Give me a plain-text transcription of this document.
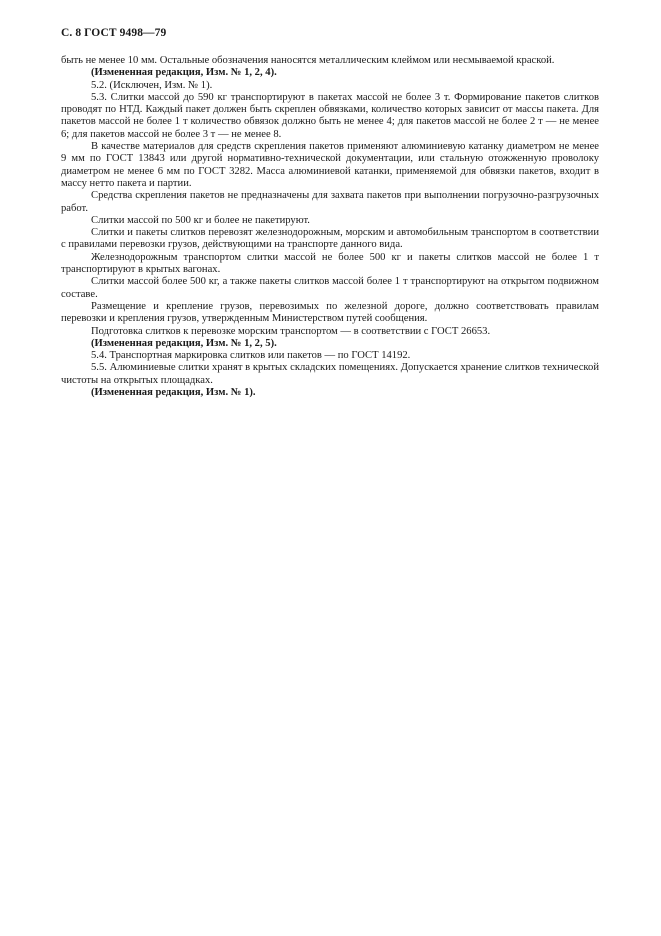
С. 8 ГОСТ 9498—79

быть не менее 10 мм. Остальные обозначения наносятся металлическим клеймом или несмываемой краской.

(Измененная редакция, Изм. № 1, 2, 4).

5.2. (Исключен, Изм. № 1).

5.3. Слитки массой до 590 кг транспортируют в пакетах массой не более 3 т. Формирование пакетов слитков проводят по НТД. Каждый пакет должен быть скреплен обвязками, количество которых зависит от массы пакета. Для пакетов массой не более 1 т количество обвязок должно быть не менее 4; для пакетов массой не более 2 т — не менее 6; для пакетов массой не более 3 т — не менее 8.

В качестве материалов для средств скрепления пакетов применяют алюминиевую катанку диаметром не менее 9 мм по ГОСТ 13843 или другой нормативно-технической документации, или стальную отожженную проволоку диаметром не менее 6 мм по ГОСТ 3282. Масса алюминиевой катанки, применяемой для обвязки пакетов, входит в массу нетто пакета и партии.

Средства скрепления пакетов не предназначены для захвата пакетов при выполнении погрузочно-разгрузочных работ.

Слитки массой по 500 кг и более не пакетируют.

Слитки и пакеты слитков перевозят железнодорожным, морским и автомобильным транспортом в соответствии с правилами перевозки грузов, действующими на транспорте данного вида.

Железнодорожным транспортом слитки массой не более 500 кг и пакеты слитков массой не более 1 т транспортируют в крытых вагонах.

Слитки массой более 500 кг, а также пакеты слитков массой более 1 т транспортируют на открытом подвижном составе.

Размещение и крепление грузов, перевозимых по железной дороге, должно соответствовать правилам перевозки и крепления грузов, утвержденным Министерством путей сообщения.

Подготовка слитков к перевозке морским транспортом — в соответствии с ГОСТ 26653.

(Измененная редакция, Изм. № 1, 2, 5).

5.4. Транспортная маркировка слитков или пакетов — по ГОСТ 14192.

5.5. Алюминиевые слитки хранят в крытых складских помещениях. Допускается хранение слитков технической чистоты на открытых площадках.

(Измененная редакция, Изм. № 1).
